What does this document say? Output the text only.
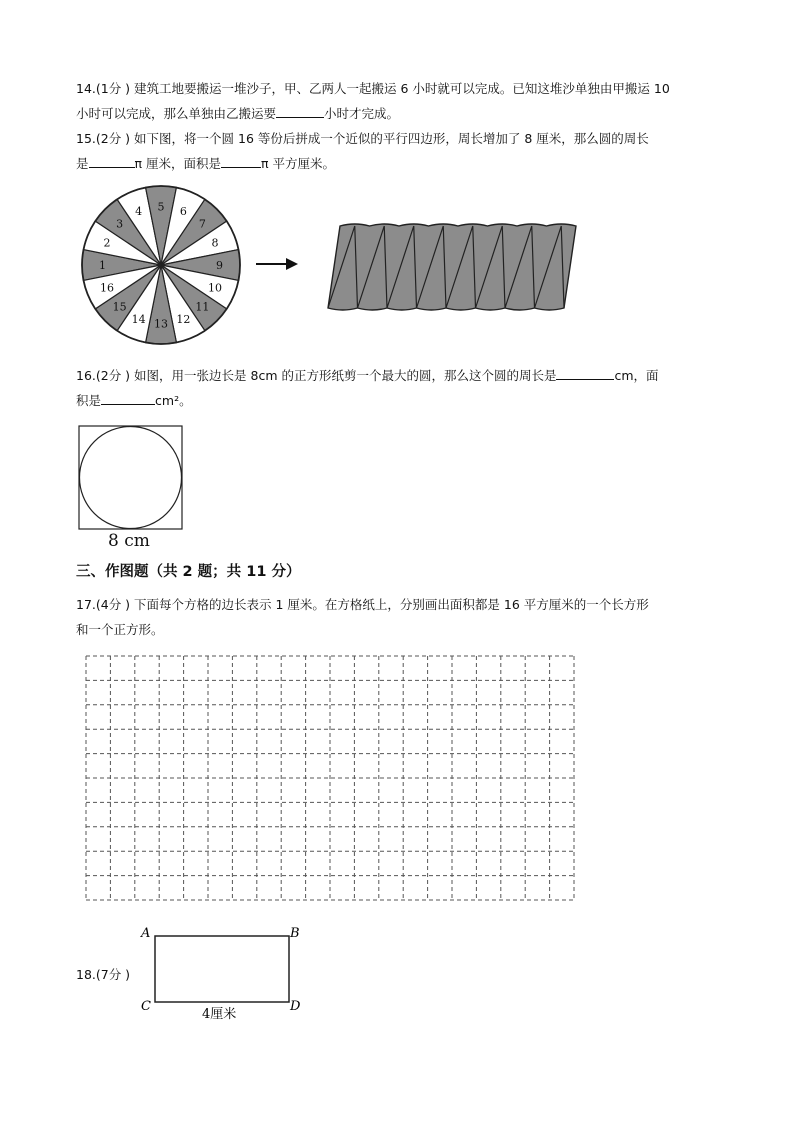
14.(1分 ) 建筑工地要搬运一堆沙子，甲、乙两人一起搬运 6 小时就可以完成。已知这堆沙单独由甲搬运 10
小时可以完成，那么单独由乙搬运要	小时才完成。
15.(2分 ) 如下图，将一个圆 16 等份后拼成一个近似的平行四边形，周长增加了 8 厘米，那么圆的周长
是	π 厘米，面积是	π 平方厘米。
1
2
3
4 5 6
7
8
9
10
11
12
13
14
15
16
16.(2分 ) 如图，用一张边长是 8cm 的正方形纸剪一个最大的圆，那么这个圆的周长是	cm，面
积是	cm²。
8 cm
三、作图题（共 2 题；共 11 分）
17.(4分 ) 下面每个方格的边长表示 1 厘米。在方格纸上，分别画出面积都是 16 平方厘米的一个长方形
和一个正方形。
18.(7分 )
A	B
C	D
4厘米
